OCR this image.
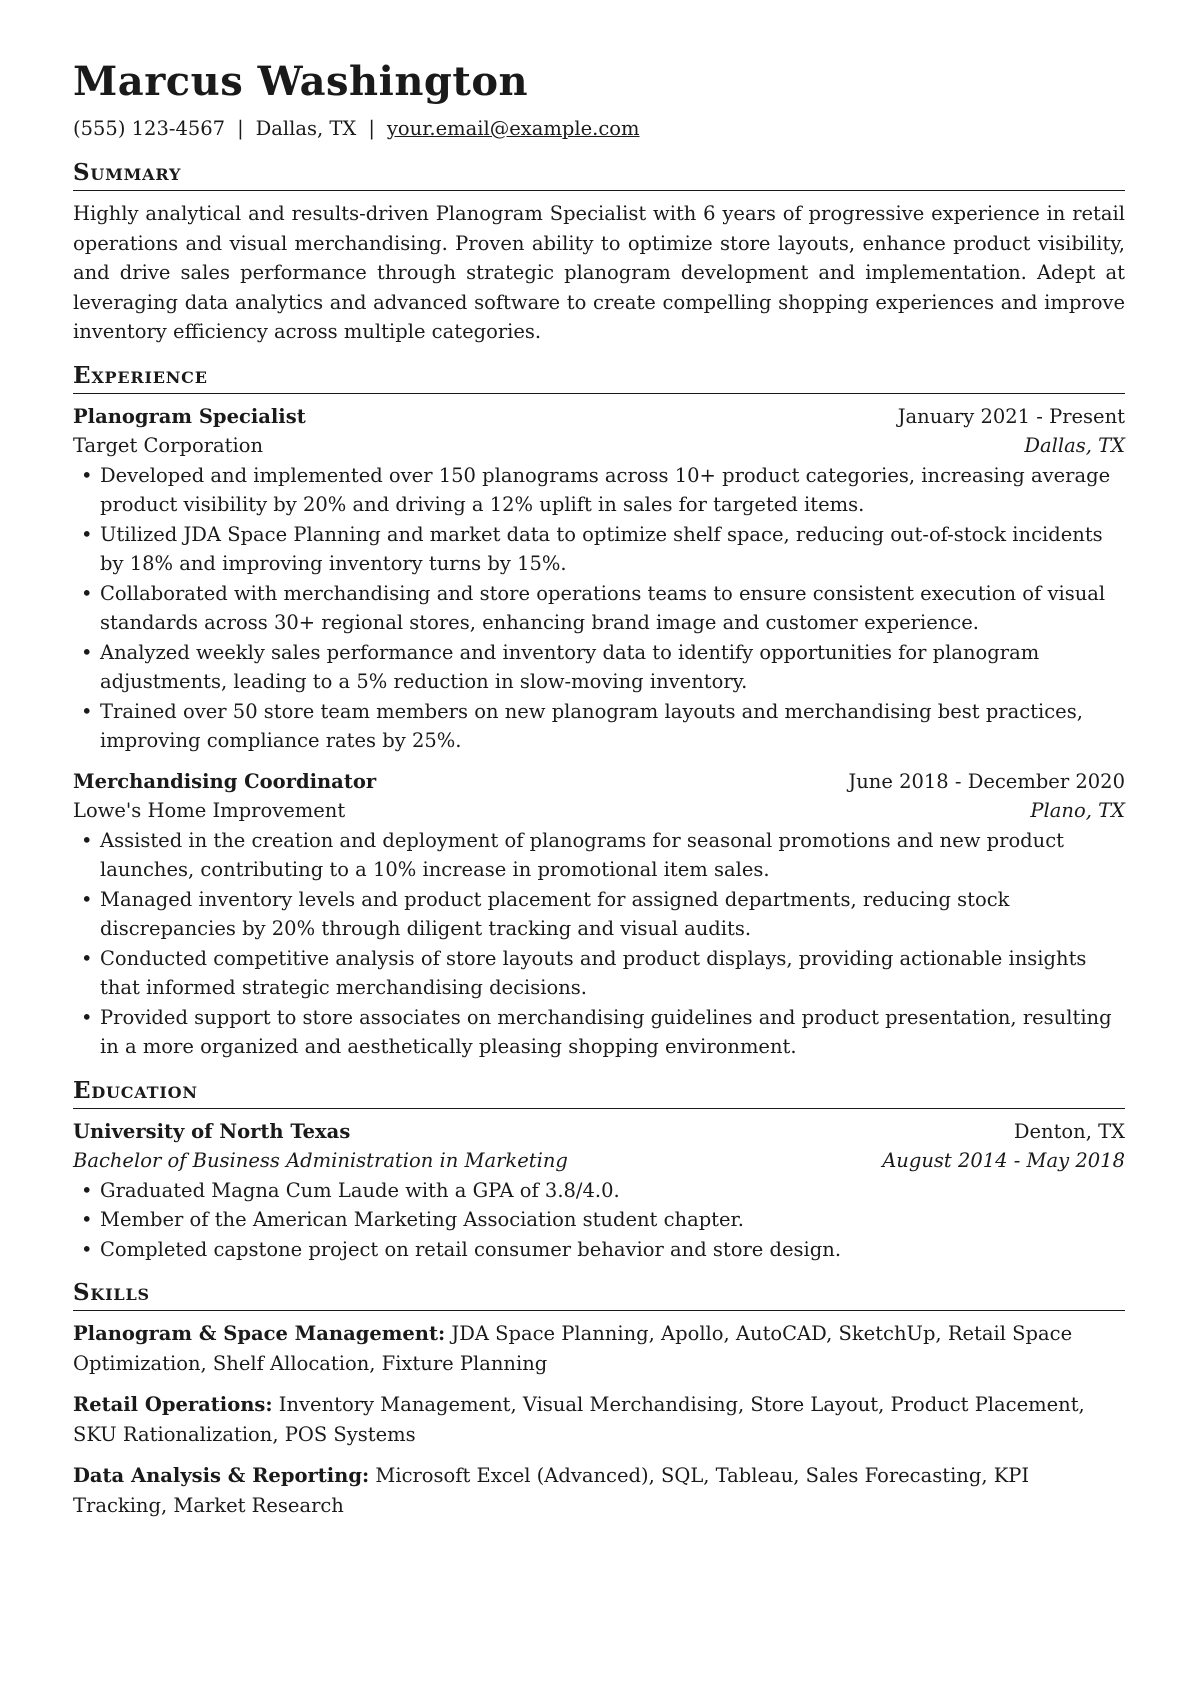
Marcus Washington
(555) 123-4567 | Dallas, TX | your.email@example.com
Summary
Highly analytical and results-driven Planogram Specialist with 6 years of progressive experience in retail operations and visual merchandising. Proven ability to optimize store layouts, enhance product visibility, and drive sales performance through strategic planogram development and implementation. Adept at leveraging data analytics and advanced software to create compelling shopping experiences and improve inventory efficiency across multiple categories.
Experience
Planogram Specialist	January 2021 - Present
Target Corporation	Dallas, TX
• Developed and implemented over 150 planograms across 10+ product categories, increasing average product visibility by 20% and driving a 12% uplift in sales for targeted items.
• Utilized JDA Space Planning and market data to optimize shelf space, reducing out-of-stock incidents by 18% and improving inventory turns by 15%.
• Collaborated with merchandising and store operations teams to ensure consistent execution of visual standards across 30+ regional stores, enhancing brand image and customer experience.
• Analyzed weekly sales performance and inventory data to identify opportunities for planogram adjustments, leading to a 5% reduction in slow-moving inventory.
• Trained over 50 store team members on new planogram layouts and merchandising best practices, improving compliance rates by 25%.
Merchandising Coordinator	June 2018 - December 2020
Lowe's Home Improvement	Plano, TX
• Assisted in the creation and deployment of planograms for seasonal promotions and new product launches, contributing to a 10% increase in promotional item sales.
• Managed inventory levels and product placement for assigned departments, reducing stock discrepancies by 20% through diligent tracking and visual audits.
• Conducted competitive analysis of store layouts and product displays, providing actionable insights that informed strategic merchandising decisions.
• Provided support to store associates on merchandising guidelines and product presentation, resulting in a more organized and aesthetically pleasing shopping environment.
Education
University of North Texas	Denton, TX
Bachelor of Business Administration in Marketing	August 2014 - May 2018
• Graduated Magna Cum Laude with a GPA of 3.8/4.0.
• Member of the American Marketing Association student chapter.
• Completed capstone project on retail consumer behavior and store design.
Skills
Planogram & Space Management: JDA Space Planning, Apollo, AutoCAD, SketchUp, Retail Space Optimization, Shelf Allocation, Fixture Planning
Retail Operations: Inventory Management, Visual Merchandising, Store Layout, Product Placement, SKU Rationalization, POS Systems
Data Analysis & Reporting: Microsoft Excel (Advanced), SQL, Tableau, Sales Forecasting, KPI Tracking, Market Research
